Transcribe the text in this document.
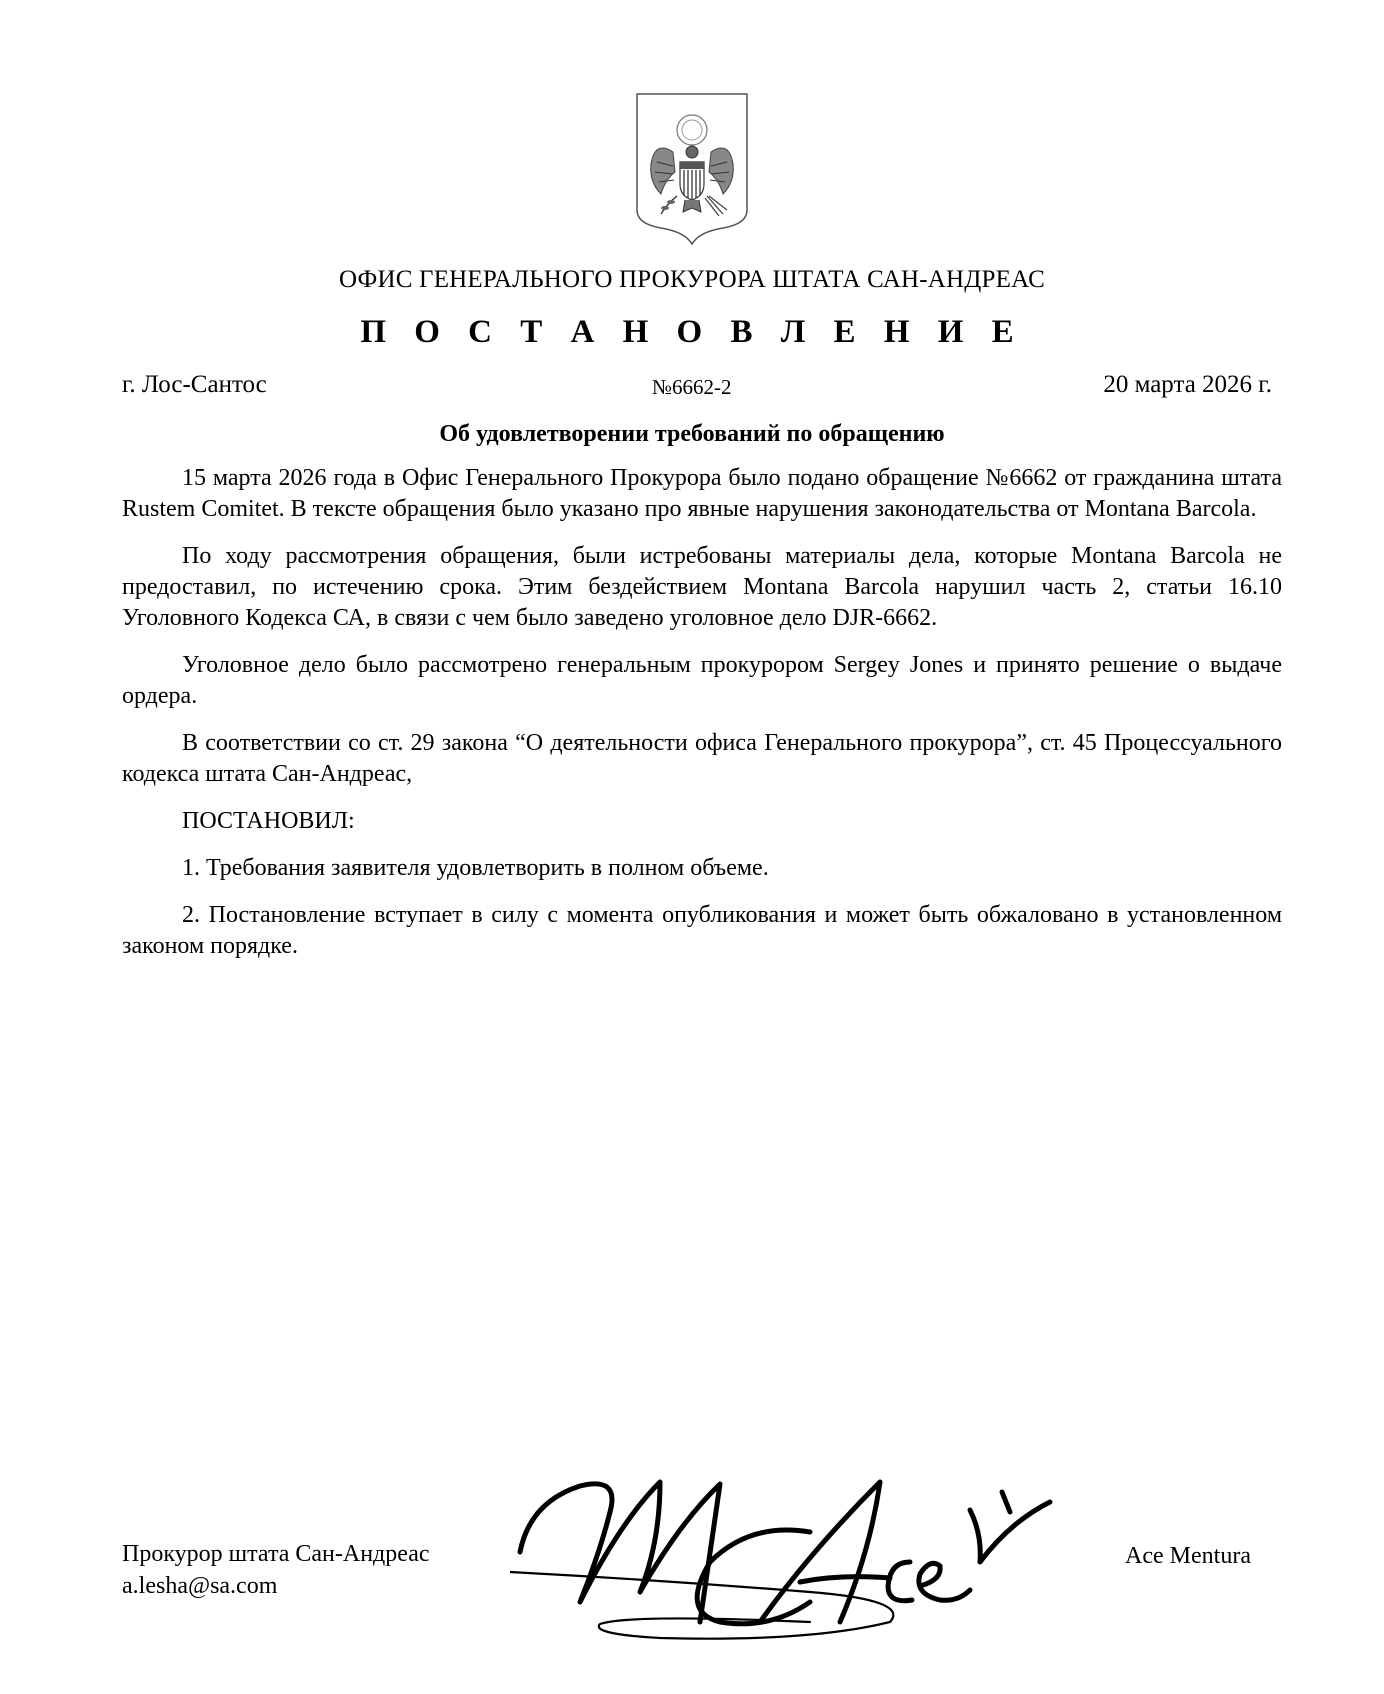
ОФИС ГЕНЕРАЛЬНОГО ПРОКУРОРА ШТАТА САН-АНДРЕАС
П О С Т А Н О В Л Е Н И Е
г. Лос-Сантос	№6662-2	20 марта 2026 г.
Об удовлетворении требований по обращению

15 марта 2026 года в Офис Генерального Прокурора было подано обращение №6662 от гражданина штата Rustem Comitet. В тексте обращения было указано про явные нарушения законодательства от Montana Barcola.

По ходу рассмотрения обращения, были истребованы материалы дела, которые Montana Barcola не предоставил, по истечению срока. Этим бездействием Montana Barcola нарушил часть 2, статьи 16.10 Уголовного Кодекса СА, в связи с чем было заведено уголовное дело DJR-6662.

Уголовное дело было рассмотрено генеральным прокурором Sergey Jones и принято решение о выдаче ордера.

В соответствии со ст. 29 закона “О деятельности офиса Генерального прокурора”, ст. 45 Процессуального кодекса штата Сан-Андреас,

ПОСТАНОВИЛ:

1. Требования заявителя удовлетворить в полном объеме.

2. Постановление вступает в силу с момента опубликования и может быть обжаловано в установленном законом порядке.

Прокурор штата Сан-Андреас
a.lesha@sa.com
Ace Mentura
